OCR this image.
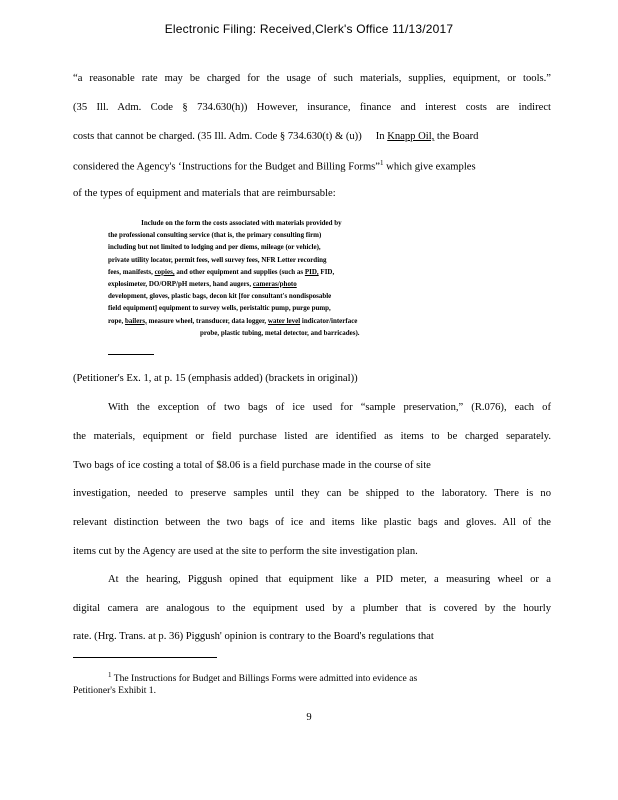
Electronic Filing: Received,Clerk's Office 11/13/2017
“a reasonable rate may be charged for the usage of such materials, supplies, equipment, or tools.”
(35 Ill. Adm. Code § 734.630(h)) However, insurance, finance and interest costs are indirect
costs that cannot be charged. (35 Ill. Adm. Code § 734.630(t) & (u)) In Knapp Oil, the Board
considered the Agency's ‘Instructions for the Budget and Billing Forms”$^1$ which give examples
of the types of equipment and materials that are reimbursable:
Include on the form the costs associated with materials provided by
the professional consulting service (that is, the primary consulting firm)
including but not limited to lodging and per diems, mileage (or vehicle),
private utility locator, permit fees, well survey fees, NFR Letter recording
fees, manifests, copies, and other equipment and supplies (such as PID, FID,
explosimeter, DO/ORP/pH meters, hand augers, cameras/photo
development, gloves, plastic bags, decon kit [for consultant's nondisposable
field equipment] equipment to survey wells, peristaltic pump, purge pump,
rope, bailers, measure wheel, transducer, data logger, water level indicator/interface
probe, plastic tubing, metal detector, and barricades).
(Petitioner's Ex. 1, at p. 15 (emphasis added) (brackets in original))
With the exception of two bags of ice used for “sample preservation,” (R.076), each of
the materials, equipment or field purchase listed are identified as items to be charged separately.
Two bags of ice costing a total of $8.06 is a field purchase made in the course of site
investigation, needed to preserve samples until they can be shipped to the laboratory. There is no
relevant distinction between the two bags of ice and items like plastic bags and gloves. All of the
items cut by the Agency are used at the site to perform the site investigation plan.
At the hearing, Piggush opined that equipment like a PID meter, a measuring wheel or a
digital camera are analogous to the equipment used by a plumber that is covered by the hourly
rate. (Hrg. Trans. at p. 36) Piggush' opinion is contrary to the Board's regulations that
$^1$ The Instructions for Budget and Billings Forms were admitted into evidence as
Petitioner's Exhibit 1.
9
